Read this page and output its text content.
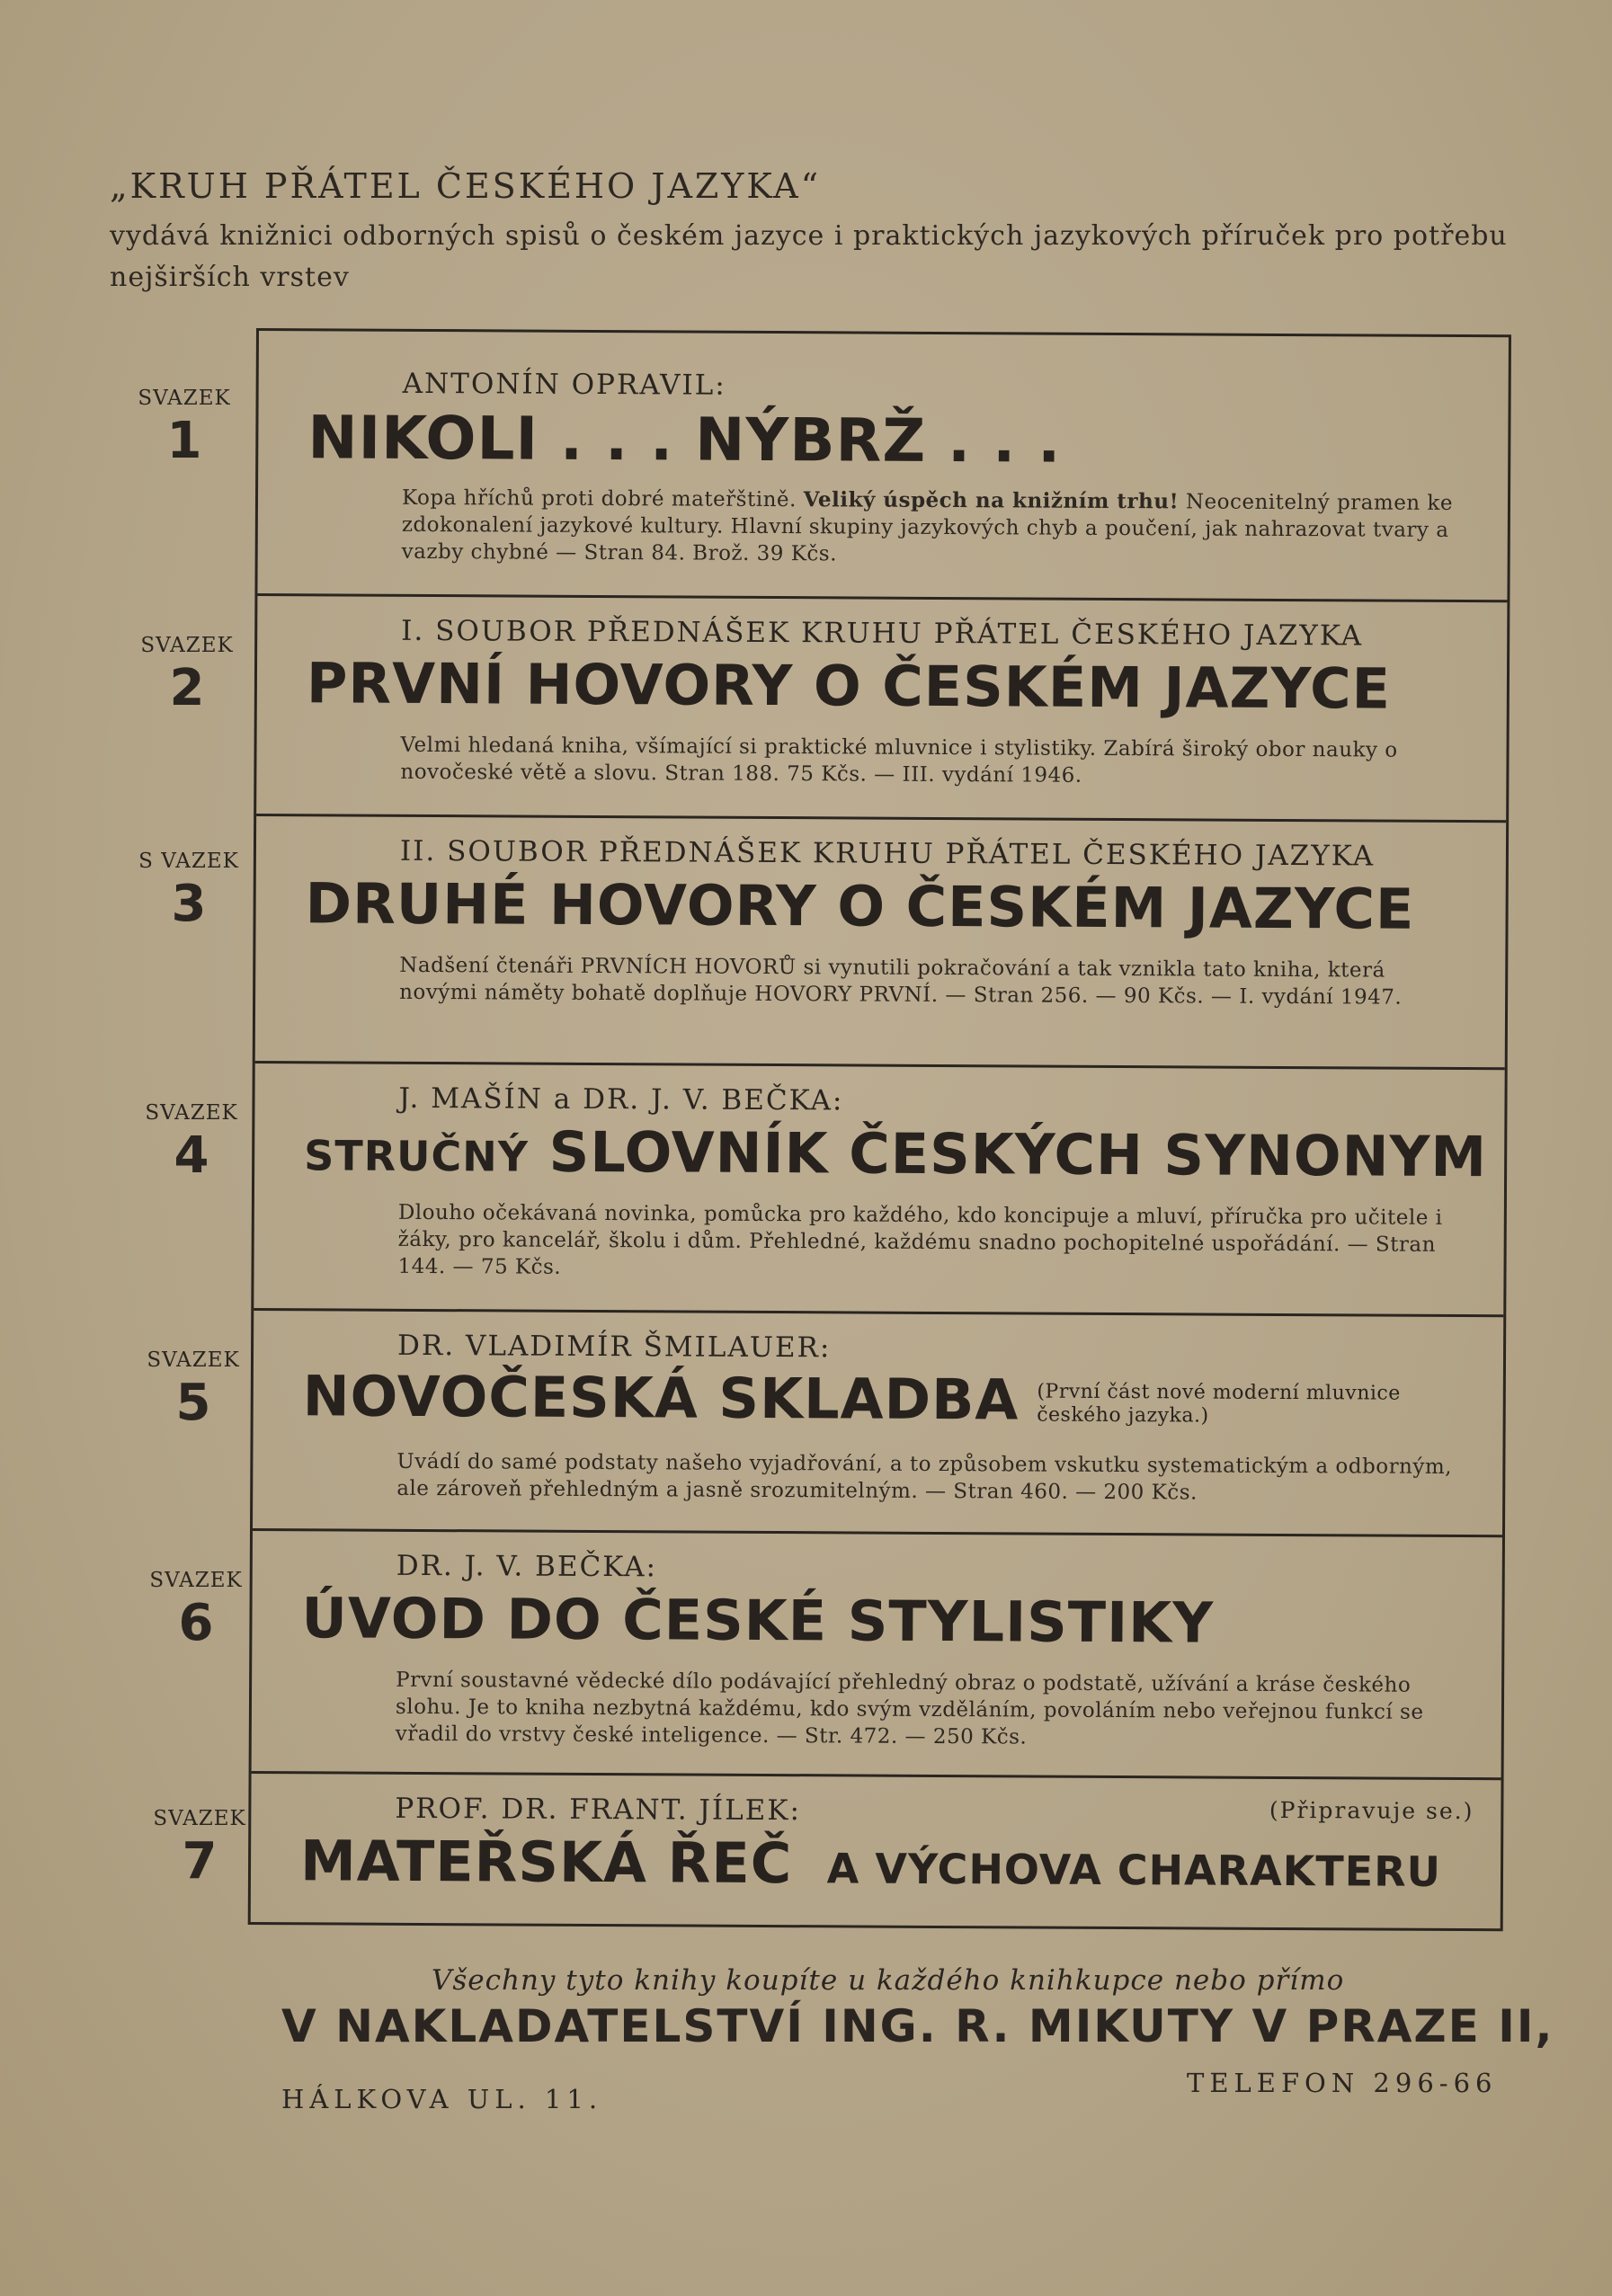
„KRUH PŘÁTEL ČESKÉHO JAZYKA“
vydává knižnici odborných spisů o českém jazyce i praktických jazykových příruček pro potřebu nejširších vrstev
SVAZEK
1
SVAZEK
2
S VAZEK
3
SVAZEK
4
SVAZEK
5
SVAZEK
6
SVAZEK
7
ANTONÍN OPRAVIL:
NIKOLI . . . NÝBRŽ . . .
Kopa hříchů proti dobré mateřštině. Veliký úspěch na knižním trhu! Neocenitelný pramen ke zdokonalení jazykové kultury. Hlavní skupiny jazykových chyb a poučení, jak nahrazovat tvary a vazby chybné — Stran 84. Brož. 39 Kčs.
I. SOUBOR PŘEDNÁŠEK KRUHU PŘÁTEL ČESKÉHO JAZYKA
PRVNÍ HOVORY O ČESKÉM JAZYCE
Velmi hledaná kniha, všímající si praktické mluvnice i stylistiky. Zabírá široký obor nauky o novočeské větě a slovu. Stran 188. 75 Kčs. — III. vydání 1946.
II. SOUBOR PŘEDNÁŠEK KRUHU PŘÁTEL ČESKÉHO JAZYKA
DRUHÉ HOVORY O ČESKÉM JAZYCE
Nadšení čtenáři PRVNÍCH HOVORŮ si vynutili pokračování a tak vznikla tato kniha, která novými náměty bohatě doplňuje HOVORY PRVNÍ. — Stran 256. — 90 Kčs. — I. vydání 1947.
J. MAŠÍN a DR. J. V. BEČKA:
STRUČNÝ SLOVNÍK ČESKÝCH SYNONYM
Dlouho očekávaná novinka, pomůcka pro každého, kdo koncipuje a mluví, příručka pro učitele i žáky, pro kancelář, školu i dům. Přehledné, každému snadno pochopitelné uspořádání. — Stran 144. — 75 Kčs.
DR. VLADIMÍR ŠMILAUER:
NOVOČESKÁ SKLADBA (První část nové moderní mluvnice českého jazyka.)
Uvádí do samé podstaty našeho vyjadřování, a to způsobem vskutku systematickým a odborným, ale zároveň přehledným a jasně srozumitelným. — Stran 460. — 200 Kčs.
DR. J. V. BEČKA:
ÚVOD DO ČESKÉ STYLISTIKY
První soustavné vědecké dílo podávající přehledný obraz o podstatě, užívání a kráse českého slohu. Je to kniha nezbytná každému, kdo svým vzděláním, povoláním nebo veřejnou funkcí se vřadil do vrstvy české inteligence. — Str. 472. — 250 Kčs.
PROF. DR. FRANT. JÍLEK:	(Připravuje se.)
MATEŘSKÁ ŘEČ A VÝCHOVA CHARAKTERU
Všechny tyto knihy koupíte u každého knihkupce nebo přímo
V NAKLADATELSTVÍ ING. R. MIKUTY V PRAZE II,
TELEFON 296-66
HÁLKOVA UL. 11.
